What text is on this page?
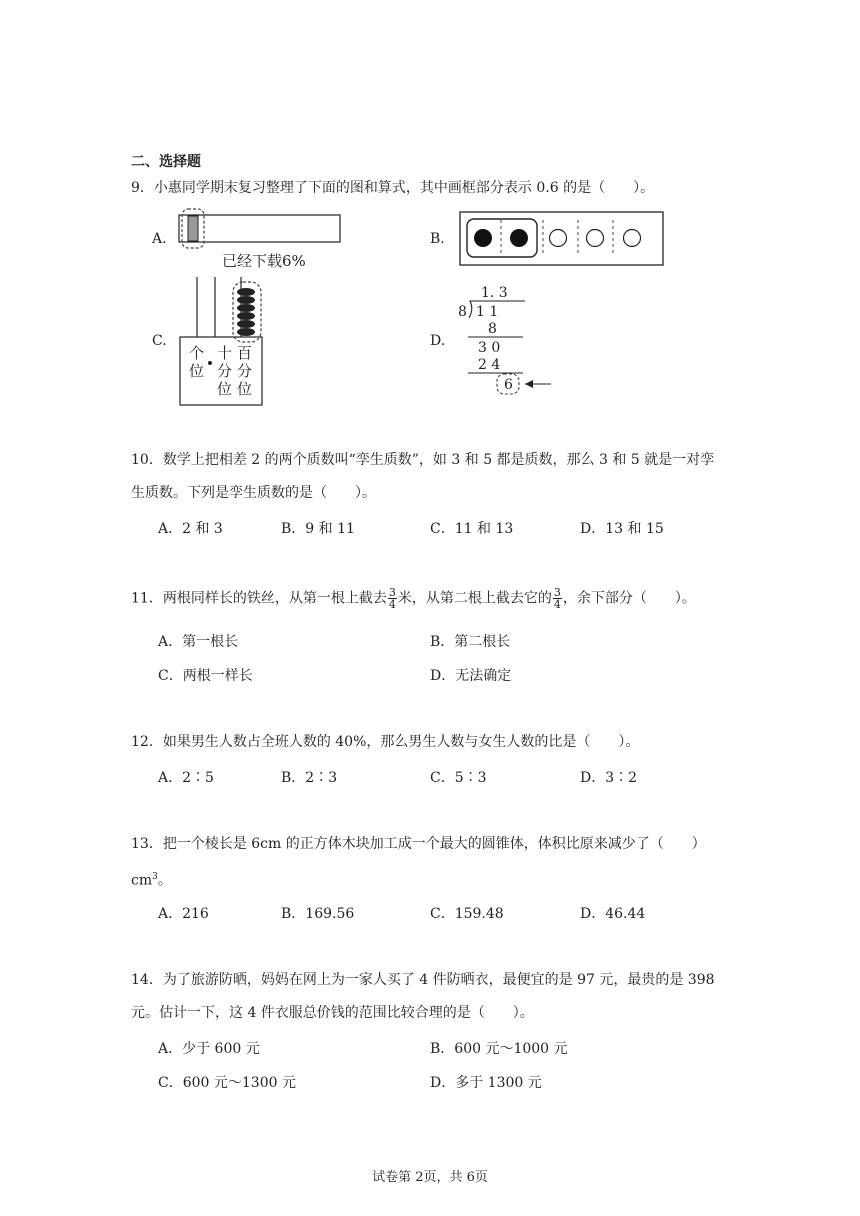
二、选择题
9．小惠同学期末复习整理了下面的图和算式，其中画框部分表示 0.6 的是（　　）。
A.
已经下载6%
B.
C.
个
位
十
分
位
百
分
位
D.
1. 3
8 1 1
8
3 0
2 4
6
10．数学上把相差 2 的两个质数叫“孪生质数”，如 3 和 5 都是质数，那么 3 和 5 就是一对孪
生质数。下列是孪生质数的是（　　）。
A．2 和 3	B．9 和 11	C．11 和 13	D．13 和 15
11．两根同样长的铁丝，从第一根上截去 $\frac{3}{4}$ 米，从第二根上截去它的 $\frac{3}{4}$ ，余下部分（　　）。
A．第一根长	B．第二根长
C．两根一样长	D．无法确定
12．如果男生人数占全班人数的 40%，那么男生人数与女生人数的比是（　　）。
A．2∶5	B．2∶3	C．5∶3	D．3∶2
13．把一个棱长是 6cm 的正方体木块加工成一个最大的圆锥体，体积比原来减少了（　　）
$cm^3$。
A．216	B．169.56	C．159.48	D．46.44
14．为了旅游防晒，妈妈在网上为一家人买了 4 件防晒衣，最便宜的是 97 元，最贵的是 398
元。估计一下，这 4 件衣服总价钱的范围比较合理的是（　　）。
A．少于 600 元	B．600 元～1000 元
C．600 元～1300 元	D．多于 1300 元
试卷第 2页，共 6页
